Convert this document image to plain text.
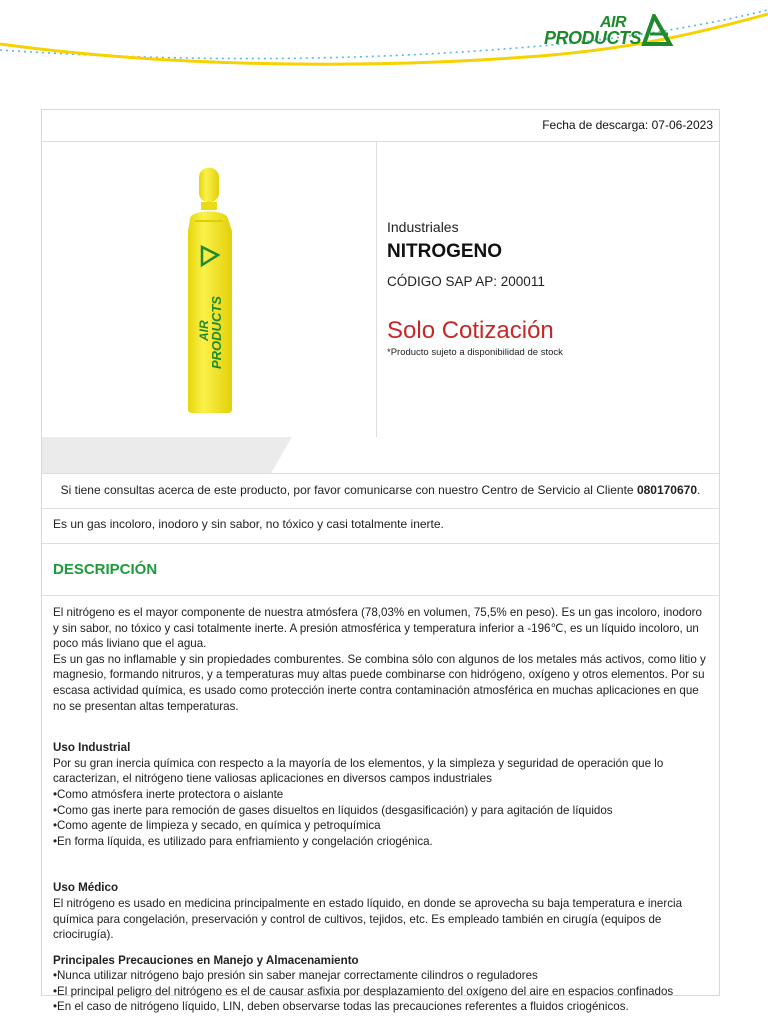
AIR
PRODUCTS
Fecha de descarga: 07-06-2023
AIR
PRODUCTS
Industriales
NITROGENO
CÓDIGO SAP AP: 200011
Solo Cotización
*Producto sujeto a disponibilidad de stock
Si tiene consultas acerca de este producto, por favor comunicarse con nuestro Centro de Servicio al Cliente 080170670.
Es un gas incoloro, inodoro y sin sabor, no tóxico y casi totalmente inerte.
DESCRIPCIÓN

El nitrógeno es el mayor componente de nuestra atmósfera (78,03% en volumen, 75,5% en peso). Es un gas incoloro, inodoro y sin sabor, no tóxico y casi totalmente inerte. A presión atmosférica y temperatura inferior a -196℃, es un líquido incoloro, un poco más liviano que el agua.

Es un gas no inflamable y sin propiedades comburentes. Se combina sólo con algunos de los metales más activos, como litio y magnesio, formando nitruros, y a temperaturas muy altas puede combinarse con hidrógeno, oxígeno y otros elementos. Por su escasa actividad química, es usado como protección inerte contra contaminación atmosférica en muchas aplicaciones en que no se presentan altas temperaturas.

Uso Industrial

Por su gran inercia química con respecto a la mayoría de los elementos, y la simpleza y seguridad de operación que lo caracterizan, el nitrógeno tiene valiosas aplicaciones en diversos campos industriales

•Como atmósfera inerte protectora o aislante

•Como gas inerte para remoción de gases disueltos en líquidos (desgasificación) y para agitación de líquidos

•Como agente de limpieza y secado, en química y petroquímica

•En forma líquida, es utilizado para enfriamiento y congelación criogénica.

Uso Médico

El nitrógeno es usado en medicina principalmente en estado líquido, en donde se aprovecha su baja temperatura e inercia química para congelación, preservación y control de cultivos, tejidos, etc. Es empleado también en cirugía (equipos de criocirugía).

Principales Precauciones en Manejo y Almacenamiento

•Nunca utilizar nitrógeno bajo presión sin saber manejar correctamente cilindros o reguladores

•El principal peligro del nitrógeno es el de causar asfixia por desplazamiento del oxígeno del aire en espacios confinados

•En el caso de nitrógeno líquido, LIN, deben observarse todas las precauciones referentes a fluidos criogénicos.
